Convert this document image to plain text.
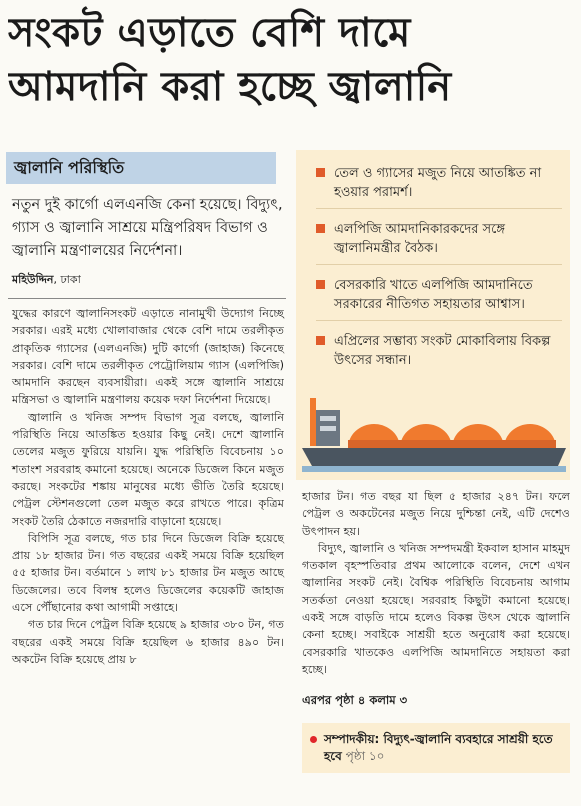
সংকট এড়াতে বেশি দামে
আমদানি করা হচ্ছে জ্বালানি
জ্বালানি পরিস্থিতি
নতুন দুই কার্গো এলএনজি কেনা হয়েছে। বিদ্যুৎ, গ্যাস ও জ্বালানি সাশ্রয়ে মন্ত্রিপরিষদ বিভাগ ও জ্বালানি মন্ত্রণালয়ের নির্দেশনা।
মহিউদ্দিন, ঢাকা

যুদ্ধের কারণে জ্বালানিসংকট এড়াতে নানামুখী উদ্যোগ নিচ্ছে সরকার। এরই মধ্যে খোলাবাজার থেকে বেশি দামে তরলীকৃত প্রাকৃতিক গ্যাসের (এলএনজি) দুটি কার্গো (জাহাজ) কিনেছে সরকার। বেশি দামে তরলীকৃত পেট্রোলিয়াম গ্যাস (এলপিজি) আমদানি করছেন ব্যবসায়ীরা। একই সঙ্গে জ্বালানি সাশ্রয়ে মন্ত্রিসভা ও জ্বালানি মন্ত্রণালয় কয়েক দফা নির্দেশনা দিয়েছে।

জ্বালানি ও খনিজ সম্পদ বিভাগ সূত্র বলছে, জ্বালানি পরিস্থিতি নিয়ে আতঙ্কিত হওয়ার কিছু নেই। দেশে জ্বালানি তেলের মজুত ফুরিয়ে যায়নি। যুদ্ধ পরিস্থিতি বিবেচনায় ১০ শতাংশ সরবরাহ কমানো হয়েছে। অনেকে ডিজেল কিনে মজুত করছে। সংকটের শঙ্কায় মানুষের মধ্যে ভীতি তৈরি হয়েছে। পেট্রল স্টেশনগুলো তেল মজুত করে রাখতে পারে। কৃত্রিম সংকট তৈরি ঠেকাতে নজরদারি বাড়ানো হয়েছে।

বিপিসি সূত্র বলছে, গত চার দিনে ডিজেল বিক্রি হয়েছে প্রায় ১৮ হাজার টন। গত বছরের একই সময়ে বিক্রি হয়েছিল ৫৫ হাজার টন। বর্তমানে ১ লাখ ৮১ হাজার টন মজুত আছে ডিজেলের। তবে বিলম্ব হলেও ডিজেলের কয়েকটি জাহাজ এসে পৌঁছানোর কথা আগামী সপ্তাহে।

গত চার দিনে পেট্রল বিক্রি হয়েছে ৯ হাজার ৩৮০ টন, গত বছরের একই সময়ে বিক্রি হয়েছিল ৬ হাজার ৪৯০ টন। অকটেন বিক্রি হয়েছে প্রায় ৮

তেল ও গ্যাসের মজুত নিয়ে আতঙ্কিত না হওয়ার পরামর্শ।
এলপিজি আমদানিকারকদের সঙ্গে জ্বালানিমন্ত্রীর বৈঠক।
বেসরকারি খাতে এলপিজি আমদানিতে সরকারের নীতিগত সহায়তার আশ্বাস।
এপ্রিলের সম্ভাব্য সংকট মোকাবিলায় বিকল্প উৎসের সন্ধান।

হাজার টন। গত বছর যা ছিল ৫ হাজার ২৪৭ টন। ফলে পেট্রল ও অকটেনের মজুত নিয়ে দুশ্চিন্তা নেই, এটি দেশেও উৎপাদন হয়।

বিদ্যুৎ, জ্বালানি ও খনিজ সম্পদমন্ত্রী ইকবাল হাসান মাহমুদ গতকাল বৃহস্পতিবার প্রথম আলোকে বলেন, দেশে এখন জ্বালানির সংকট নেই। বৈশ্বিক পরিস্থিতি বিবেচনায় আগাম সতর্কতা নেওয়া হয়েছে। সরবরাহ কিছুটা কমানো হয়েছে। একই সঙ্গে বাড়তি দামে হলেও বিকল্প উৎস থেকে জ্বালানি কেনা হচ্ছে। সবাইকে সাশ্রয়ী হতে অনুরোধ করা হয়েছে। বেসরকারি খাতকেও এলপিজি আমদানিতে সহায়তা করা হচ্ছে।

এরপর পৃষ্ঠা ৪ কলাম ৩
সম্পাদকীয়: বিদ্যুৎ-জ্বালানি ব্যবহারে সাশ্রয়ী হতে হবে পৃষ্ঠা ১০
